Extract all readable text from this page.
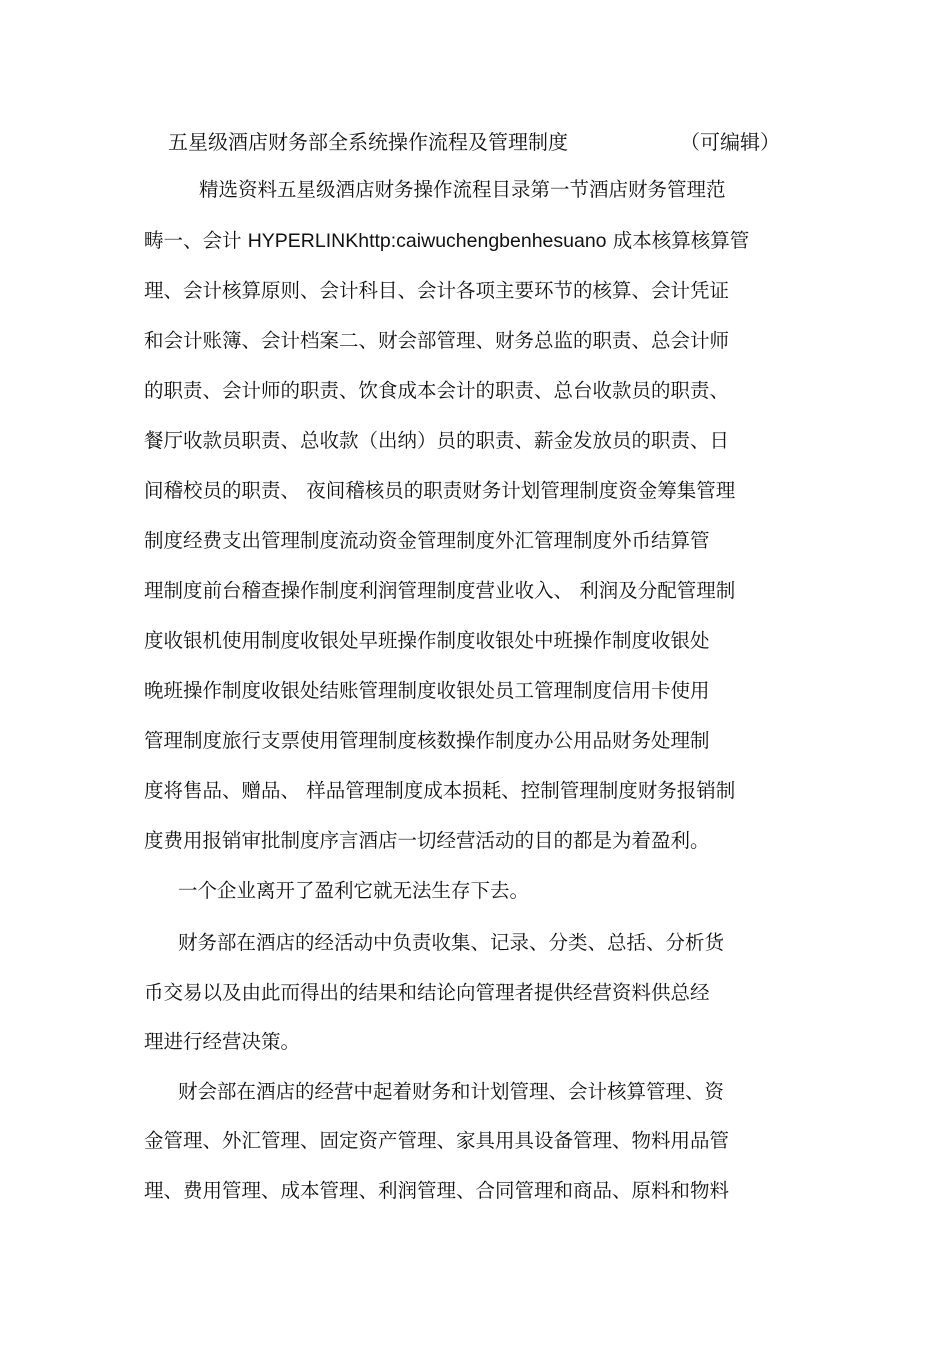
五星级酒店财务部全系统操作流程及管理制度	（可编辑）
精选资料五星级酒店财务操作流程目录第一节酒店财务管理范
畴一、会计 HYPERLINKhttp:caiwuchengbenhesuano 成本核算核算管
理、会计核算原则、会计科目、会计各项主要环节的核算、会计凭证
和会计账簿、会计档案二、财会部管理、财务总监的职责、总会计师
的职责、会计师的职责、饮食成本会计的职责、总台收款员的职责、
餐厅收款员职责、总收款（出纳）员的职责、薪金发放员的职责、日
间稽校员的职责、 夜间稽核员的职责财务计划管理制度资金筹集管理
制度经费支出管理制度流动资金管理制度外汇管理制度外币结算管
理制度前台稽查操作制度利润管理制度营业收入、 利润及分配管理制
度收银机使用制度收银处早班操作制度收银处中班操作制度收银处
晚班操作制度收银处结账管理制度收银处员工管理制度信用卡使用
管理制度旅行支票使用管理制度核数操作制度办公用品财务处理制
度将售品、赠品、 样品管理制度成本损耗、控制管理制度财务报销制
度费用报销审批制度序言酒店一切经营活动的目的都是为着盈利。
一个企业离开了盈利它就无法生存下去。
财务部在酒店的经活动中负责收集、记录、分类、总括、分析货
币交易以及由此而得出的结果和结论向管理者提供经营资料供总经
理进行经营决策。
财会部在酒店的经营中起着财务和计划管理、会计核算管理、资
金管理、外汇管理、固定资产管理、家具用具设备管理、物料用品管
理、费用管理、成本管理、利润管理、合同管理和商品、原料和物料
